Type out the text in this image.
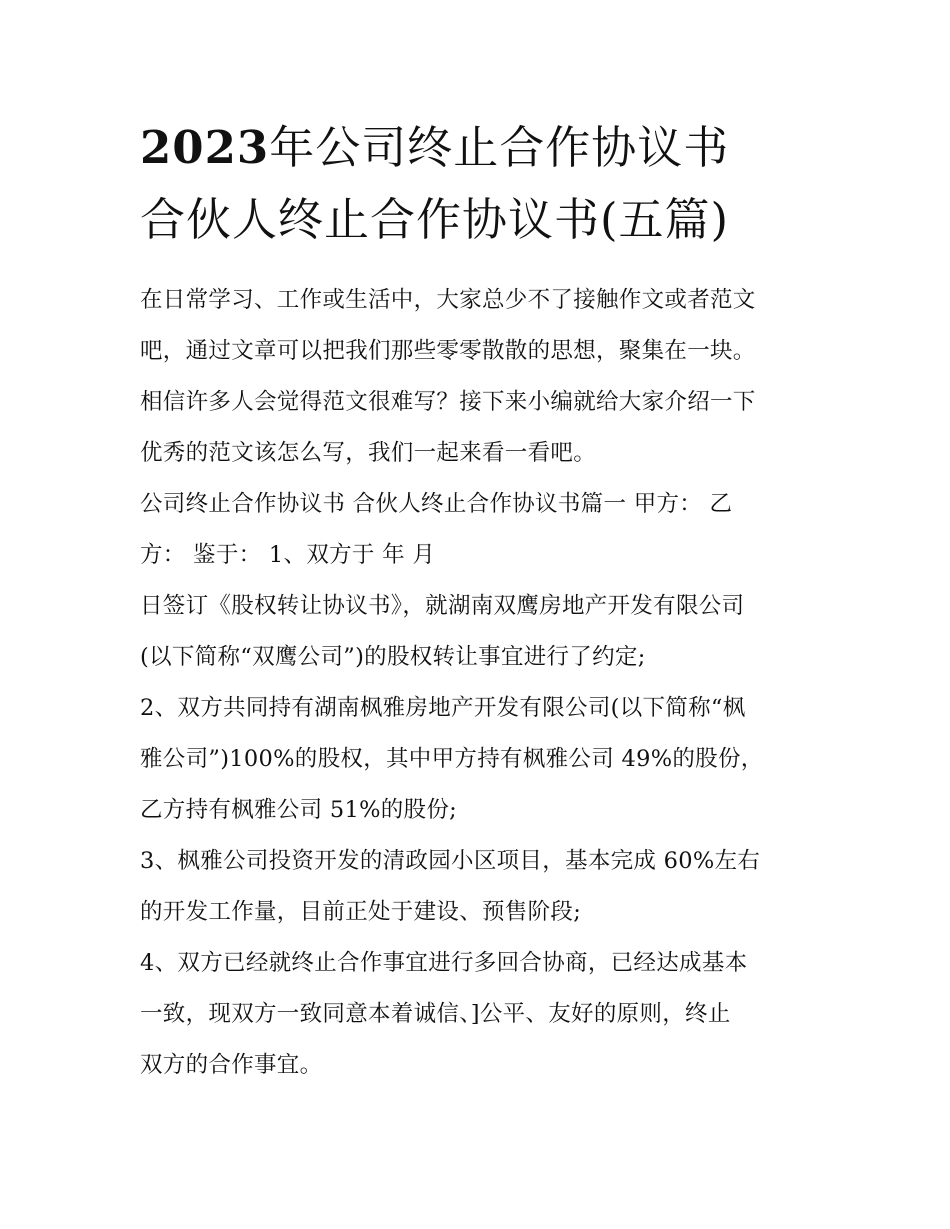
2023年公司终止合作协议书
合伙人终止合作协议书(五篇)
在日常学习、工作或生活中，大家总少不了接触作文或者范文
吧，通过文章可以把我们那些零零散散的思想，聚集在一块。
相信许多人会觉得范文很难写？接下来小编就给大家介绍一下
优秀的范文该怎么写，我们一起来看一看吧。
公司终止合作协议书 合伙人终止合作协议书篇一 甲方： 乙
方： 鉴于： 1、双方于 年 月
日签订《股权转让协议书》，就湖南双鹰房地产开发有限公司
(以下简称“双鹰公司”)的股权转让事宜进行了约定;
2、双方共同持有湖南枫雅房地产开发有限公司(以下简称“枫
雅公司”)100%的股权，其中甲方持有枫雅公司 49%的股份，
乙方持有枫雅公司 51%的股份;
3、枫雅公司投资开发的清政园小区项目，基本完成 60%左右
的开发工作量，目前正处于建设、预售阶段;
4、双方已经就终止合作事宜进行多回合协商，已经达成基本
一致，现双方一致同意本着诚信、]公平、友好的原则，终止
双方的合作事宜。
